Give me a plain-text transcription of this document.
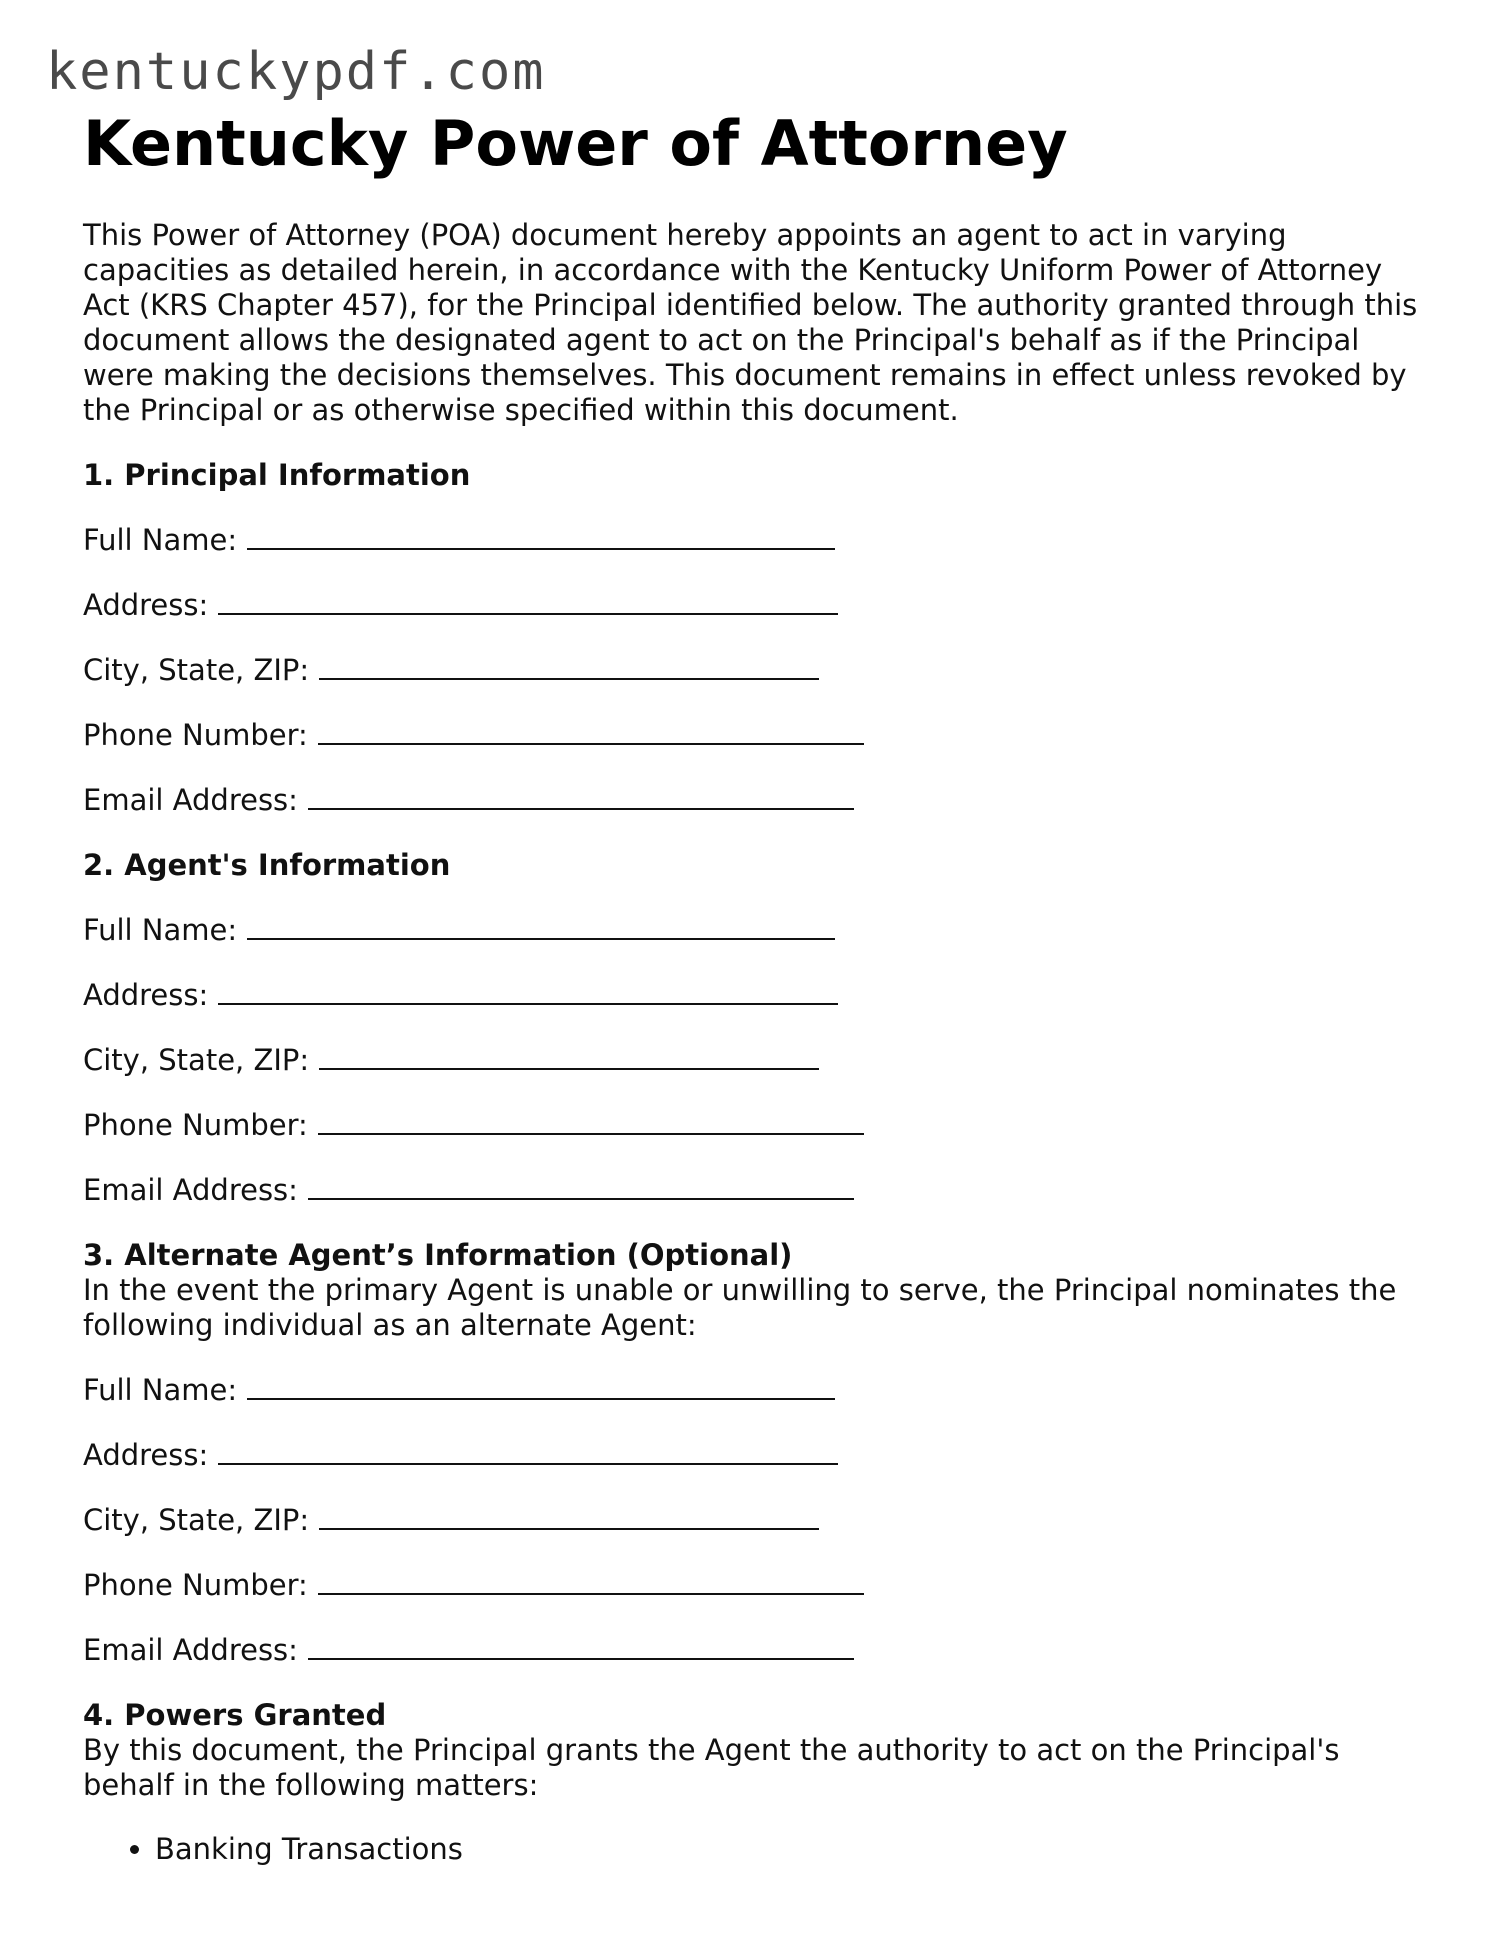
kentuckypdf.com
Kentucky Power of Attorney

This Power of Attorney (POA) document hereby appoints an agent to act in varying capacities as detailed herein, in accordance with the Kentucky Uniform Power of Attorney Act (KRS Chapter 457), for the Principal identified below. The authority granted through this document allows the designated agent to act on the Principal's behalf as if the Principal were making the decisions themselves. This document remains in effect unless revoked by the Principal or as otherwise specified within this document.

1. Principal Information
Full Name:
Address:
City, State, ZIP:
Phone Number:
Email Address:
2. Agent's Information
Full Name:
Address:
City, State, ZIP:
Phone Number:
Email Address:
3. Alternate Agent’s Information (Optional)

In the event the primary Agent is unable or unwilling to serve, the Principal nominates the following individual as an alternate Agent:

Full Name:
Address:
City, State, ZIP:
Phone Number:
Email Address:
4. Powers Granted

By this document, the Principal grants the Agent the authority to act on the Principal's behalf in the following matters:

• Banking Transactions
